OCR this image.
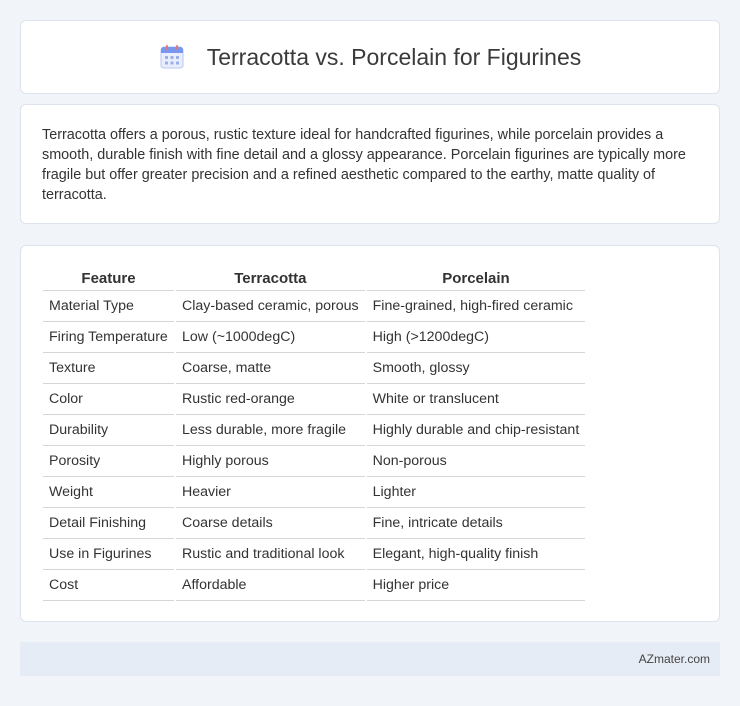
Terracotta vs. Porcelain for Figurines

Terracotta offers a porous, rustic texture ideal for handcrafted figurines, while porcelain provides a smooth, durable finish with fine detail and a glossy appearance. Porcelain figurines are typically more fragile but offer greater precision and a refined aesthetic compared to the earthy, matte quality of terracotta.

Feature	Terracotta	Porcelain
Material Type	Clay-based ceramic, porous	Fine-grained, high-fired ceramic
Firing Temperature	Low (~1000degC)	High (>1200degC)
Texture	Coarse, matte	Smooth, glossy
Color	Rustic red-orange	White or translucent
Durability	Less durable, more fragile	Highly durable and chip-resistant
Porosity	Highly porous	Non-porous
Weight	Heavier	Lighter
Detail Finishing	Coarse details	Fine, intricate details
Use in Figurines	Rustic and traditional look	Elegant, high-quality finish
Cost	Affordable	Higher price
AZmater.com
